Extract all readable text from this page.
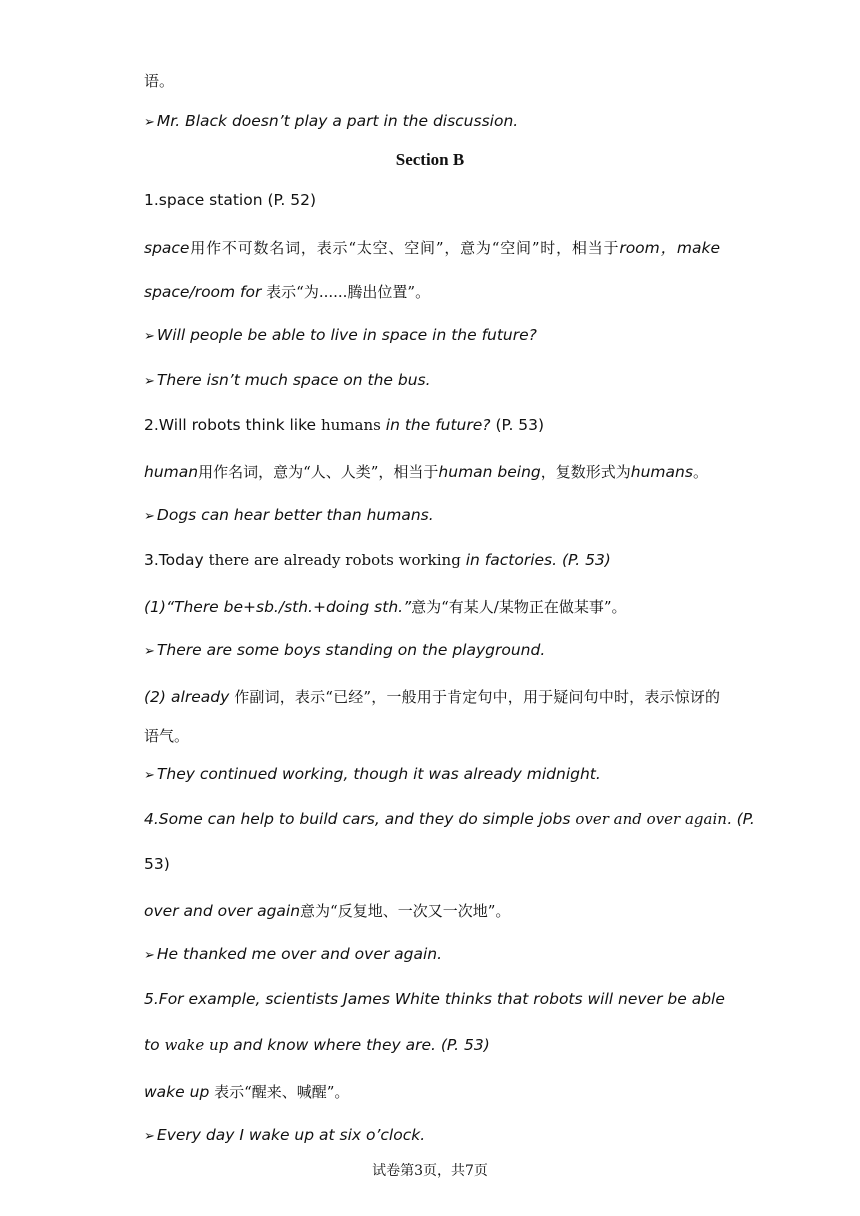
语。
➢ Mr. Black doesn’t play a part in the discussion.
Section B
1.space station (P. 52)
space用作不可数名词，表示“太空、空间”，意为“空间”时，相当于room，make
space/room for 表示“为......腾出位置”。
➢ Will people be able to live in space in the future?
➢ There isn’t much space on the bus.
2.Will robots think like humans in the future? (P. 53)
human用作名词，意为“人、人类”，相当于human being，复数形式为humans。
➢ Dogs can hear better than humans.
3.Today there are already robots working in factories. (P. 53)
(1)“There be+sb./sth.+doing sth.”意为“有某人/某物正在做某事”。
➢ There are some boys standing on the playground.
(2) already 作副词，表示“已经”，一般用于肯定句中，用于疑问句中时，表示惊讶的
语气。
➢ They continued working, though it was already midnight.
4.Some can help to build cars, and they do simple jobs over and over again. (P.
53)
over and over again意为“反复地、一次又一次地”。
➢ He thanked me over and over again.
5.For example, scientists James White thinks that robots will never be able
to wake up and know where they are. (P. 53)
wake up 表示“醒来、喊醒”。
➢ Every day I wake up at six o’clock.
试卷第3页，共7页
